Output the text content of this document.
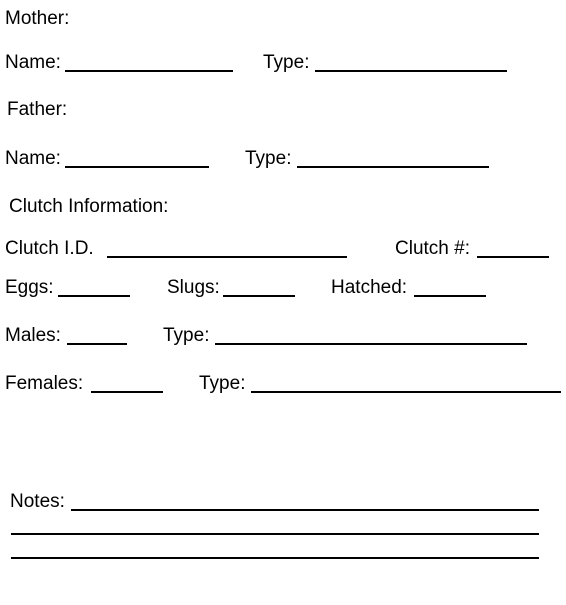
Mother:
Name:	Type:
Father:
Name:	Type:
Clutch Information:
Clutch I.D.	Clutch #:
Eggs:	Slugs:	Hatched:
Males:	Type:
Females:	Type:
Notes:
